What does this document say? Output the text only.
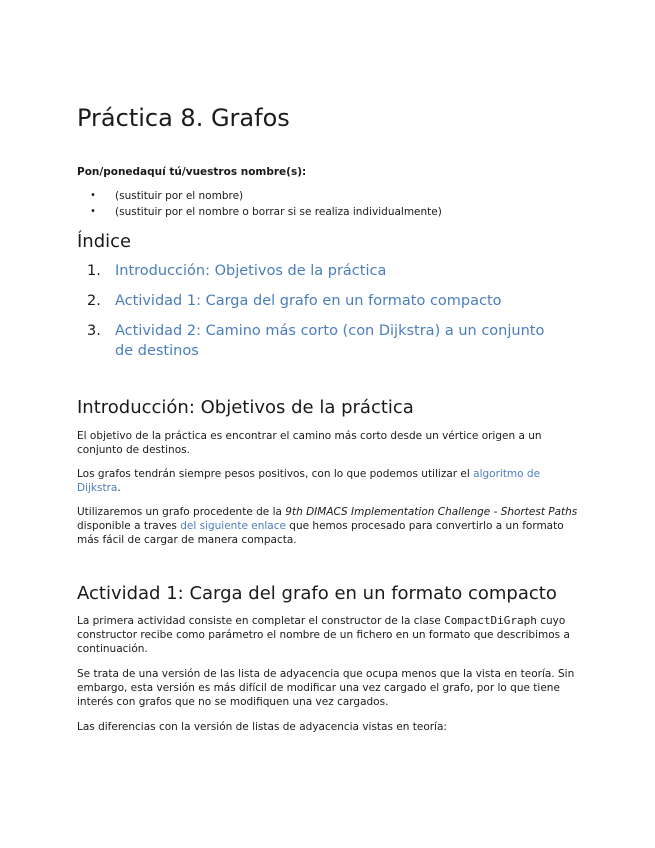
Práctica 8. Grafos

Pon/ponedaquí tú/vuestros nombre(s):

• (sustituir por el nombre)
• (sustituir por el nombre o borrar si se realiza individualmente)
Índice
1. Introducción: Objetivos de la práctica
2. Actividad 1: Carga del grafo en un formato compacto
3. Actividad 2: Camino más corto (con Dijkstra) a un conjunto de destinos
Introducción: Objetivos de la práctica

El objetivo de la práctica es encontrar el camino más corto desde un vértice origen a un conjunto de destinos.

Los grafos tendrán siempre pesos positivos, con lo que podemos utilizar el algoritmo de Dijkstra.

Utilizaremos un grafo procedente de la 9th DIMACS Implementation Challenge - Shortest Paths disponible a traves del siguiente enlace que hemos procesado para convertirlo a un formato más fácil de cargar de manera compacta.

Actividad 1: Carga del grafo en un formato compacto

La primera actividad consiste en completar el constructor de la clase CompactDiGraph cuyo constructor recibe como parámetro el nombre de un fichero en un formato que describimos a continuación.

Se trata de una versión de las lista de adyacencia que ocupa menos que la vista en teoría. Sin embargo, esta versión es más difícil de modificar una vez cargado el grafo, por lo que tiene interés con grafos que no se modifiquen una vez cargados.

Las diferencias con la versión de listas de adyacencia vistas en teoría:
